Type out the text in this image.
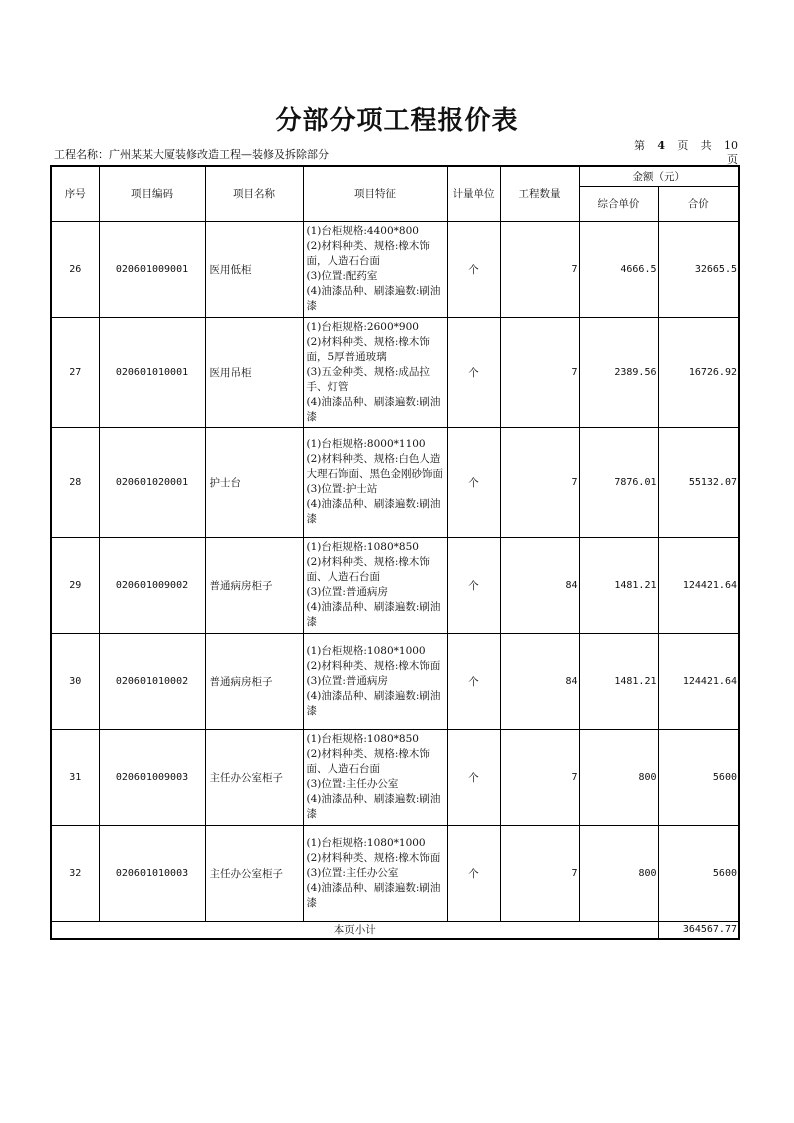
分部分项工程报价表
工程名称：广州某某大厦装修改造工程—装修及拆除部分
第 4 页 共 10
页
序号	项目编码	项目名称	项目特征	计量单位	工程数量	金额（元）	
						综合单价	合价
26	020601009001	医用低柜	(1)台柜规格:4400*800
(2)材料种类、规格:橡木饰面，人造石台面
(3)位置:配药室
(4)油漆品种、刷漆遍数:刷油漆	个	7	4666.5	32665.5
27	020601010001	医用吊柜	(1)台柜规格:2600*900
(2)材料种类、规格:橡木饰面，5厚普通玻璃
(3)五金种类、规格:成品拉手、灯管
(4)油漆品种、刷漆遍数:刷油漆	个	7	2389.56	16726.92
28	020601020001	护士台	(1)台柜规格:8000*1100
(2)材料种类、规格:白色人造大理石饰面、黑色金刚砂饰面
(3)位置:护士站
(4)油漆品种、刷漆遍数:刷油漆	个	7	7876.01	55132.07
29	020601009002	普通病房柜子	(1)台柜规格:1080*850
(2)材料种类、规格:橡木饰面、人造石台面
(3)位置:普通病房
(4)油漆品种、刷漆遍数:刷油漆	个	84	1481.21	124421.64
30	020601010002	普通病房柜子	(1)台柜规格:1080*1000
(2)材料种类、规格:橡木饰面
(3)位置:普通病房
(4)油漆品种、刷漆遍数:刷油漆	个	84	1481.21	124421.64
31	020601009003	主任办公室柜子	(1)台柜规格:1080*850
(2)材料种类、规格:橡木饰面、人造石台面
(3)位置:主任办公室
(4)油漆品种、刷漆遍数:刷油漆	个	7	800	5600
32	020601010003	主任办公室柜子	(1)台柜规格:1080*1000
(2)材料种类、规格:橡木饰面
(3)位置:主任办公室
(4)油漆品种、刷漆遍数:刷油漆	个	7	800	5600
本页小计							364567.77
